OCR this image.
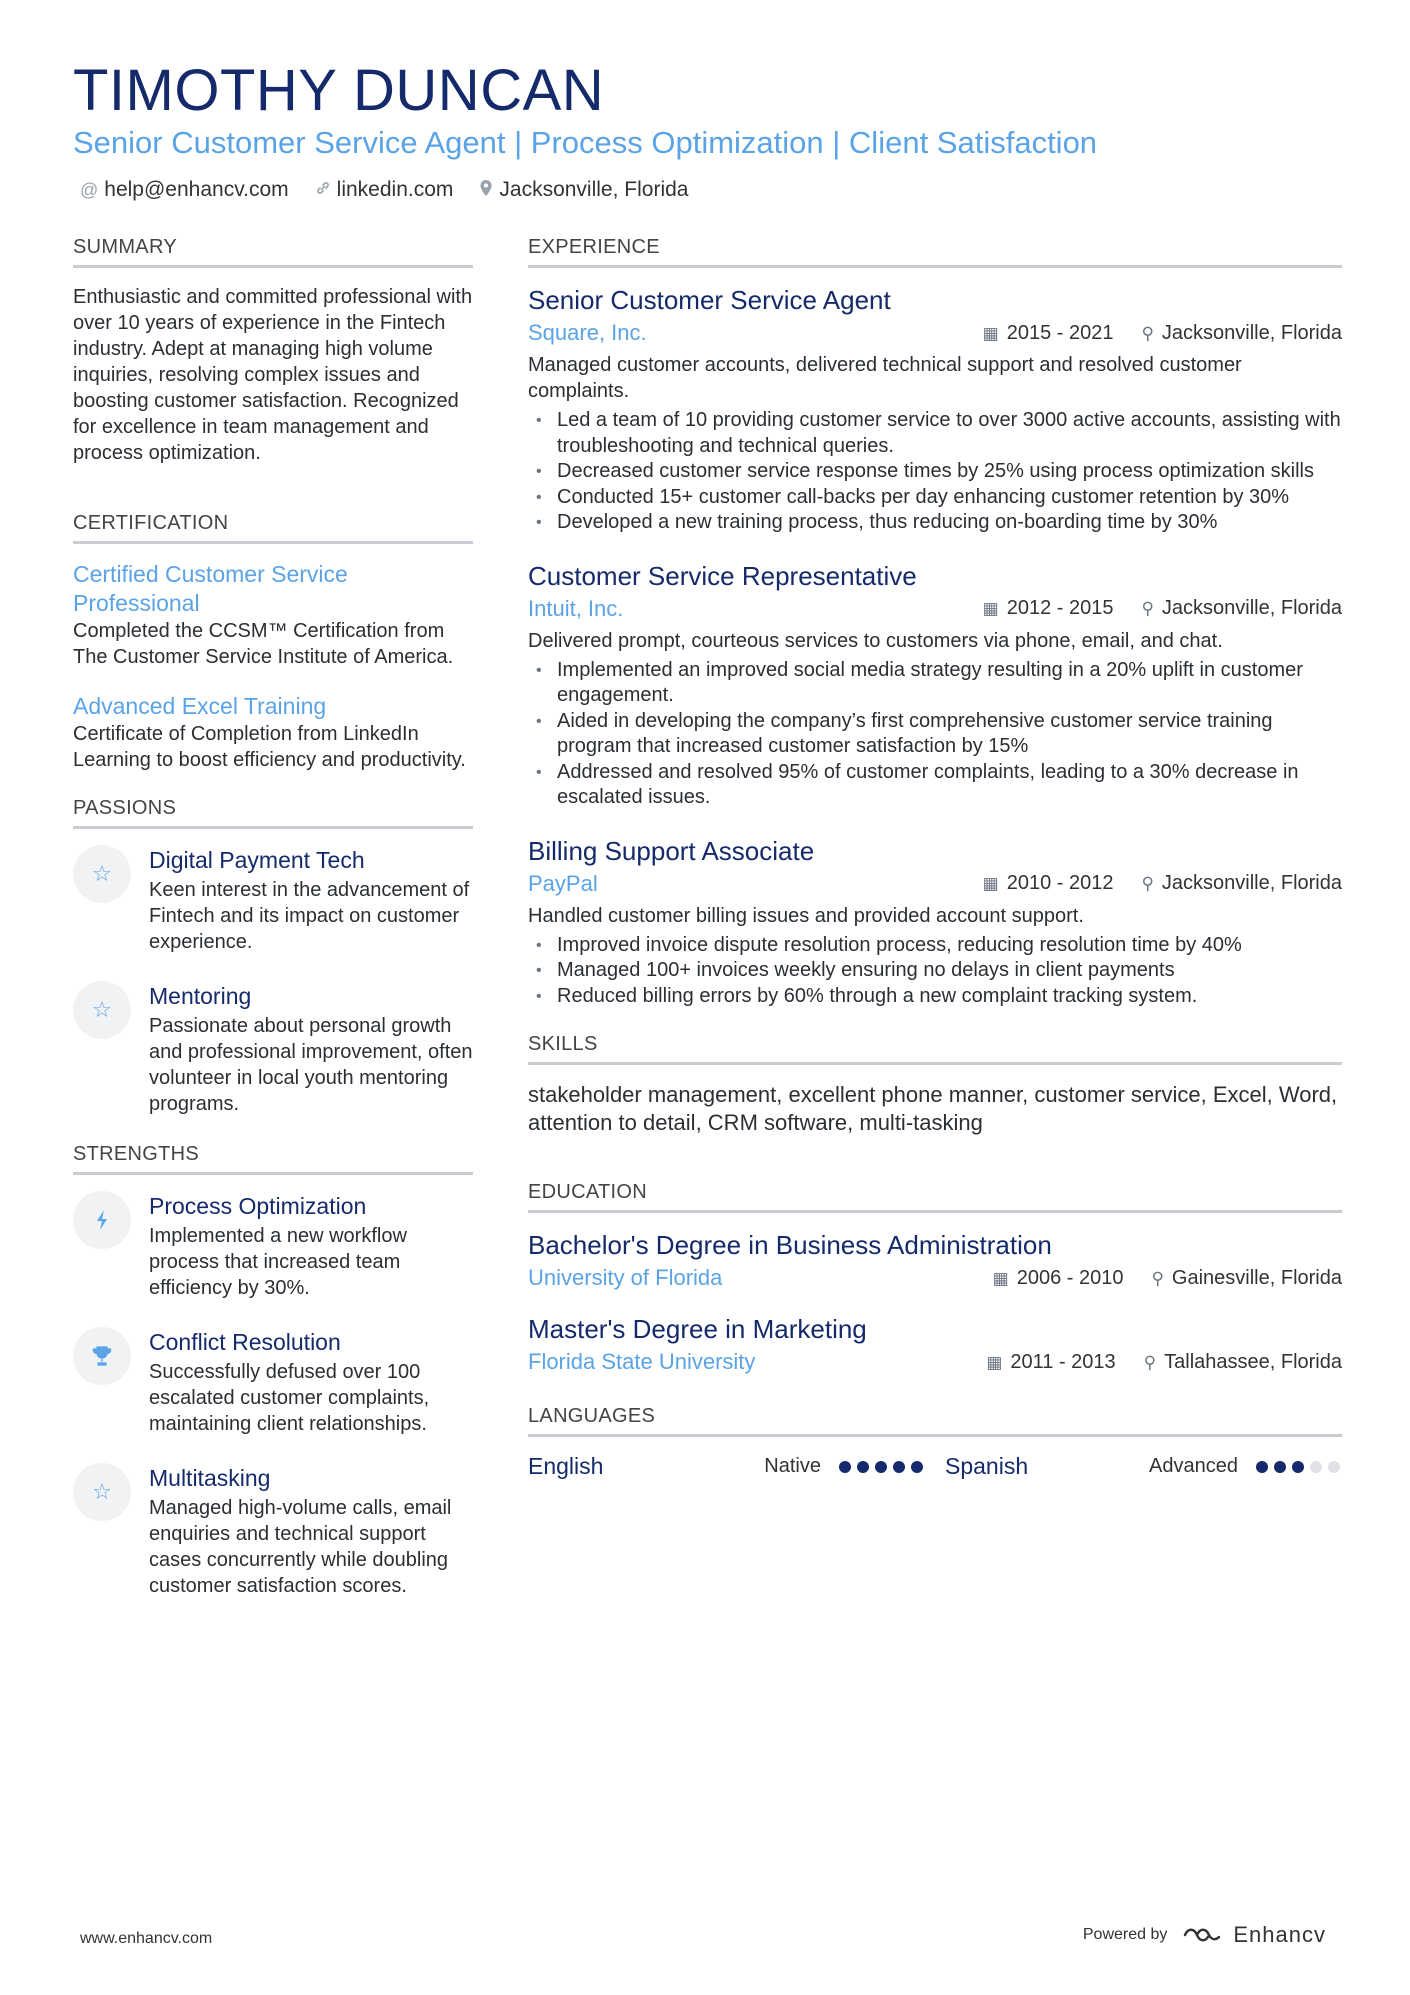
TIMOTHY DUNCAN
Senior Customer Service Agent | Process Optimization | Client Satisfaction
@ help@enhancv.com linkedin.com Jacksonville, Florida
SUMMARY
Enthusiastic and committed professional with over 10 years of experience in the Fintech industry. Adept at managing high volume inquiries, resolving complex issues and boosting customer satisfaction. Recognized for excellence in team management and process optimization.
CERTIFICATION
Certified Customer Service Professional
Completed the CCSM™ Certification from The Customer Service Institute of America.
Advanced Excel Training
Certificate of Completion from LinkedIn Learning to boost efficiency and productivity.
PASSIONS
☆
Digital Payment Tech
Keen interest in the advancement of Fintech and its impact on customer experience.
☆
Mentoring
Passionate about personal growth and professional improvement, often volunteer in local youth mentoring programs.
STRENGTHS
Process Optimization
Implemented a new workflow process that increased team efficiency by 30%.
Conflict Resolution
Successfully defused over 100 escalated customer complaints, maintaining client relationships.
☆
Multitasking
Managed high-volume calls, email enquiries and technical support cases concurrently while doubling customer satisfaction scores.
EXPERIENCE
Senior Customer Service Agent
Square, Inc.	▦ 2015 - 2021 ⚲ Jacksonville, Florida
Managed customer accounts, delivered technical support and resolved customer complaints.
• Led a team of 10 providing customer service to over 3000 active accounts, assisting with troubleshooting and technical queries.
• Decreased customer service response times by 25% using process optimization skills
• Conducted 15+ customer call-backs per day enhancing customer retention by 30%
• Developed a new training process, thus reducing on-boarding time by 30%
Customer Service Representative
Intuit, Inc.	▦ 2012 - 2015 ⚲ Jacksonville, Florida
Delivered prompt, courteous services to customers via phone, email, and chat.
• Implemented an improved social media strategy resulting in a 20% uplift in customer engagement.
• Aided in developing the company’s first comprehensive customer service training program that increased customer satisfaction by 15%
• Addressed and resolved 95% of customer complaints, leading to a 30% decrease in escalated issues.
Billing Support Associate
PayPal	▦ 2010 - 2012 ⚲ Jacksonville, Florida
Handled customer billing issues and provided account support.
• Improved invoice dispute resolution process, reducing resolution time by 40%
• Managed 100+ invoices weekly ensuring no delays in client payments
• Reduced billing errors by 60% through a new complaint tracking system.
SKILLS
stakeholder management, excellent phone manner, customer service, Excel, Word, attention to detail, CRM software, multi-tasking
EDUCATION
Bachelor's Degree in Business Administration
University of Florida	▦ 2006 - 2010 ⚲ Gainesville, Florida
Master's Degree in Marketing
Florida State University	▦ 2011 - 2013 ⚲ Tallahassee, Florida
LANGUAGES
English	Native	Spanish	Advanced
www.enhancv.com	Powered by	Enhancv
